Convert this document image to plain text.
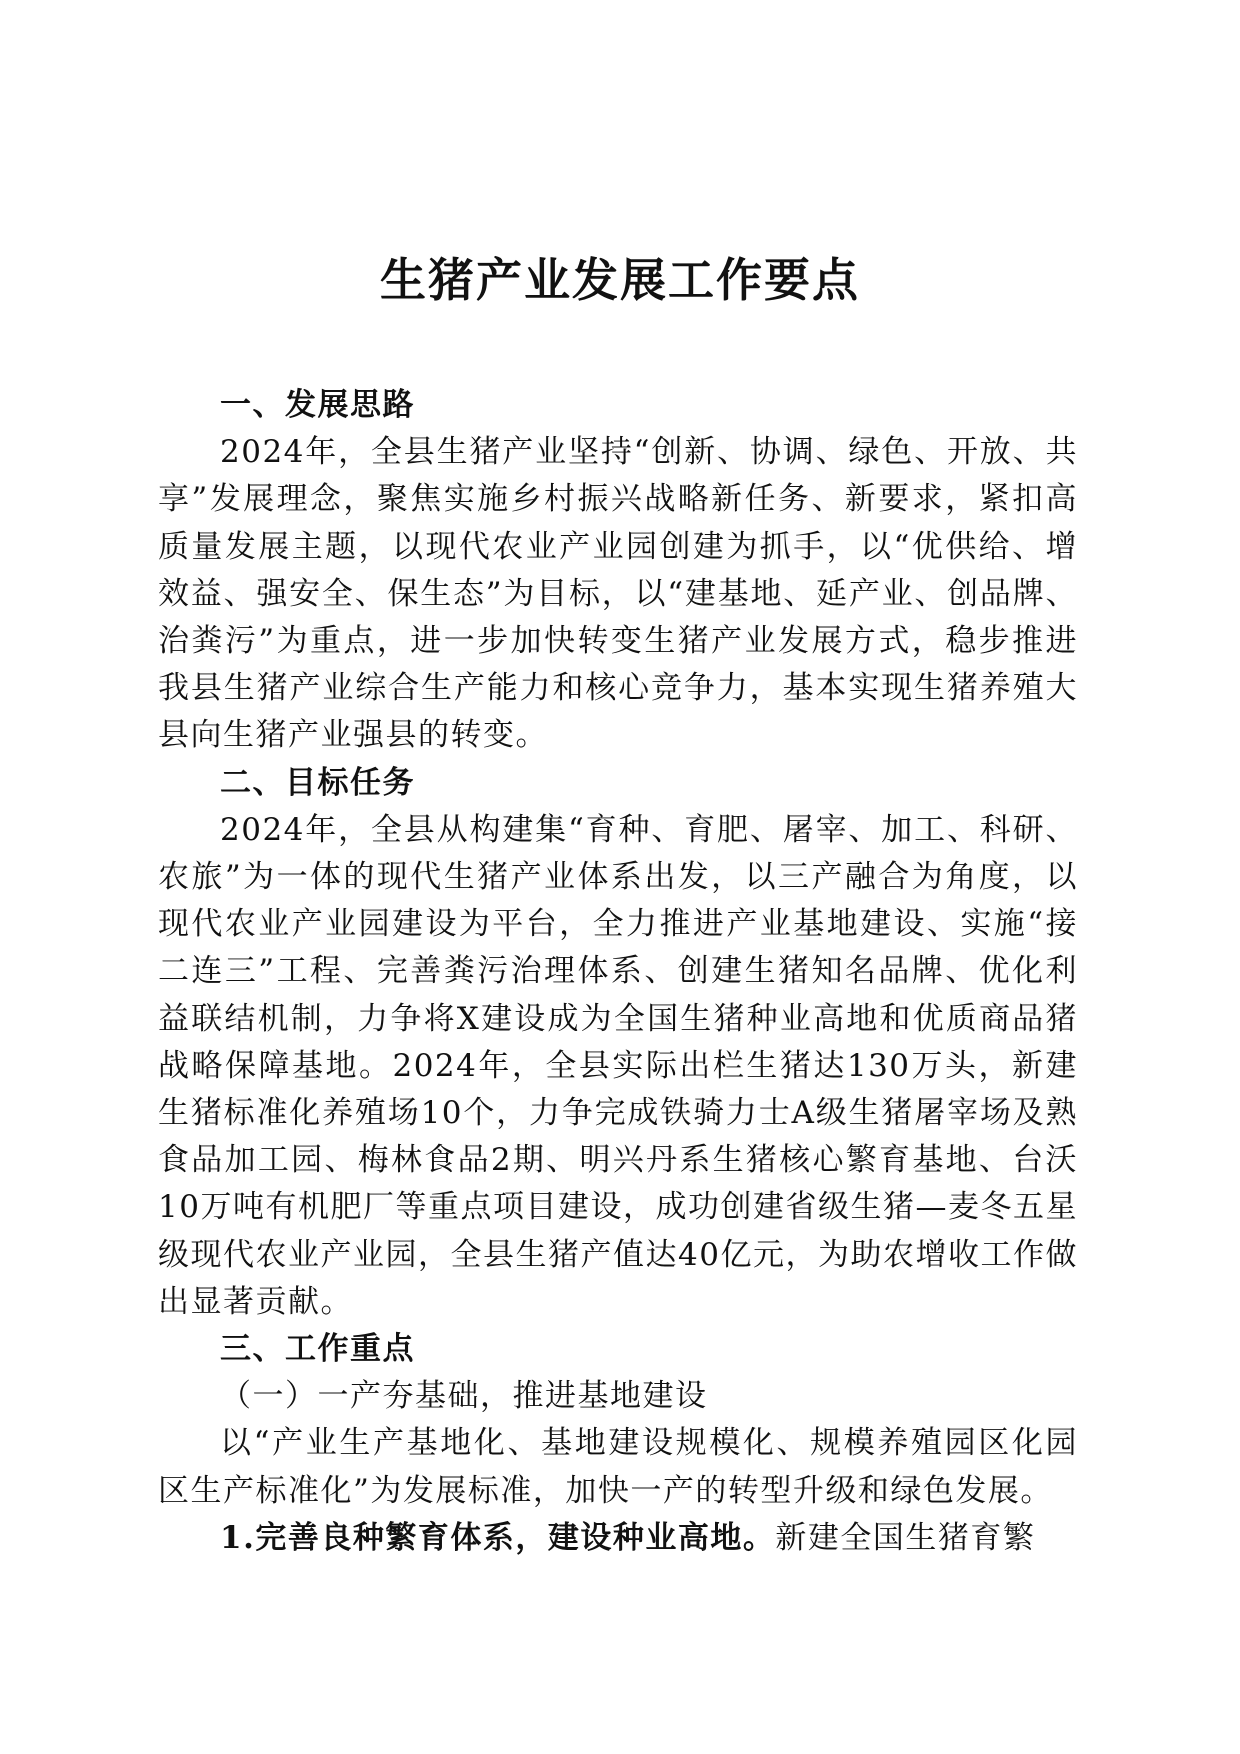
生猪产业发展工作要点

一、发展思路

2024年，全县生猪产业坚持“创新、协调、绿色、开放、共享”发展理念，聚焦实施乡村振兴战略新任务、新要求，紧扣高质量发展主题，以现代农业产业园创建为抓手，以“优供给、增效益、强安全、保生态”为目标，以“建基地、延产业、创品牌、治粪污”为重点，进一步加快转变生猪产业发展方式，稳步推进我县生猪产业综合生产能力和核心竞争力，基本实现生猪养殖大县向生猪产业强县的转变。

二、目标任务

2024年，全县从构建集“育种、育肥、屠宰、加工、科研、农旅”为一体的现代生猪产业体系出发，以三产融合为角度，以现代农业产业园建设为平台，全力推进产业基地建设、实施“接二连三”工程、完善粪污治理体系、创建生猪知名品牌、优化利益联结机制，力争将X建设成为全国生猪种业高地和优质商品猪战略保障基地。2024年，全县实际出栏生猪达130万头，新建生猪标准化养殖场10个，力争完成铁骑力士A级生猪屠宰场及熟食品加工园、梅林食品2期、明兴丹系生猪核心繁育基地、台沃10万吨有机肥厂等重点项目建设，成功创建省级生猪—麦冬五星级现代农业产业园，全县生猪产值达40亿元，为助农增收工作做出显著贡献。

三、工作重点

（一）一产夯基础，推进基地建设

以“产业生产基地化、基地建设规模化、规模养殖园区化园区生产标准化”为发展标准，加快一产的转型升级和绿色发展。

1.完善良种繁育体系，建设种业高地。新建全国生猪育繁
